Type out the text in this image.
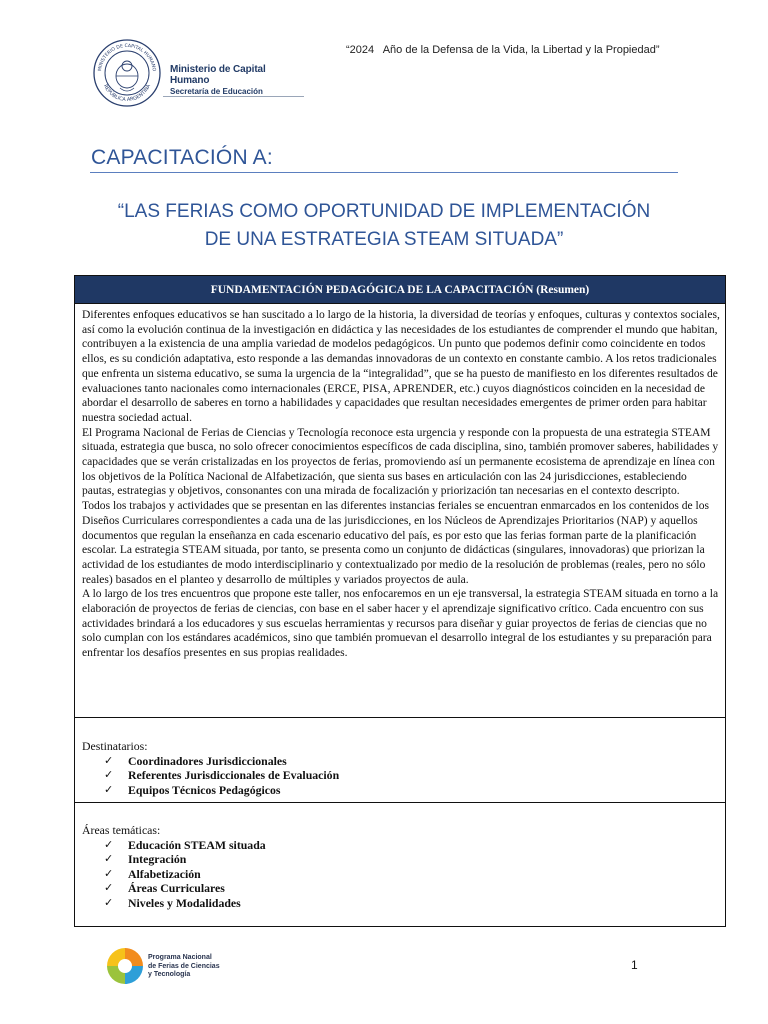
MINISTERIO DE CAPITAL HUMANO
REPÚBLICA ARGENTINA
Ministerio de Capital Humano
Secretaría de Educación
“2024   Año de la Defensa de la Vida, la Libertad y la Propiedad”
CAPACITACIÓN A:
“LAS FERIAS COMO OPORTUNIDAD DE IMPLEMENTACIÓN
DE UNA ESTRATEGIA STEAM SITUADA”
FUNDAMENTACIÓN PEDAGÓGICA DE LA CAPACITACIÓN (Resumen)

Diferentes enfoques educativos se han suscitado a lo largo de la historia, la diversidad de teorías y enfoques, culturas y contextos sociales, así como la evolución continua de la investigación en didáctica y las necesidades de los estudiantes de comprender el mundo que habitan, contribuyen a la existencia de una amplia variedad de modelos pedagógicos. Un punto que podemos definir como coincidente en todos ellos, es su condición adaptativa, esto responde a las demandas innovadoras de un contexto en constante cambio. A los retos tradicionales que enfrenta un sistema educativo, se suma la urgencia de la “integralidad”, que se ha puesto de manifiesto en los diferentes resultados de evaluaciones tanto nacionales como internacionales (ERCE, PISA, APRENDER, etc.) cuyos diagnósticos coinciden en la necesidad de abordar el desarrollo de saberes en torno a habilidades y capacidades que resultan necesidades emergentes de primer orden para habitar nuestra sociedad actual.

El Programa Nacional de Ferias de Ciencias y Tecnología reconoce esta urgencia y responde con la propuesta de una estrategia STEAM situada, estrategia que busca, no solo ofrecer conocimientos específicos de cada disciplina, sino, también promover saberes, habilidades y capacidades que se verán cristalizadas en los proyectos de ferias, promoviendo así un permanente ecosistema de aprendizaje en línea con los objetivos de la Política Nacional de Alfabetización, que sienta sus bases en articulación con las 24 jurisdicciones, estableciendo pautas, estrategias y objetivos, consonantes con una mirada de focalización y priorización tan necesarias en el contexto descripto.

Todos los trabajos y actividades que se presentan en las diferentes instancias feriales se encuentran enmarcados en los contenidos de los Diseños Curriculares correspondientes a cada una de las jurisdicciones, en los Núcleos de Aprendizajes Prioritarios (NAP) y aquellos documentos que regulan la enseñanza en cada escenario educativo del país, es por esto que las ferias forman parte de la planificación escolar. La estrategia STEAM situada, por tanto, se presenta como un conjunto de didácticas (singulares, innovadoras) que priorizan la actividad de los estudiantes de modo interdisciplinario y contextualizado por medio de la resolución de problemas (reales, pero no sólo reales) basados en el planteo y desarrollo de múltiples y variados proyectos de aula.

A lo largo de los tres encuentros que propone este taller, nos enfocaremos en un eje transversal, la estrategia STEAM situada en torno a la elaboración de proyectos de ferias de ciencias, con base en el saber hacer y el aprendizaje significativo crítico. Cada encuentro con sus actividades brindará a los educadores y sus escuelas herramientas y recursos para diseñar y guiar proyectos de ferias de ciencias que no solo cumplan con los estándares académicos, sino que también promuevan el desarrollo integral de los estudiantes y su preparación para enfrentar los desafíos presentes en sus propias realidades.

Destinatarios:
✓ Coordinadores Jurisdiccionales
✓ Referentes Jurisdiccionales de Evaluación
✓ Equipos Técnicos Pedagógicos
Áreas temáticas:
✓ Educación STEAM situada
✓ Integración
✓ Alfabetización
✓ Áreas Curriculares
✓ Niveles y Modalidades
Programa Nacional
de Ferias de Ciencias
y Tecnología
1
